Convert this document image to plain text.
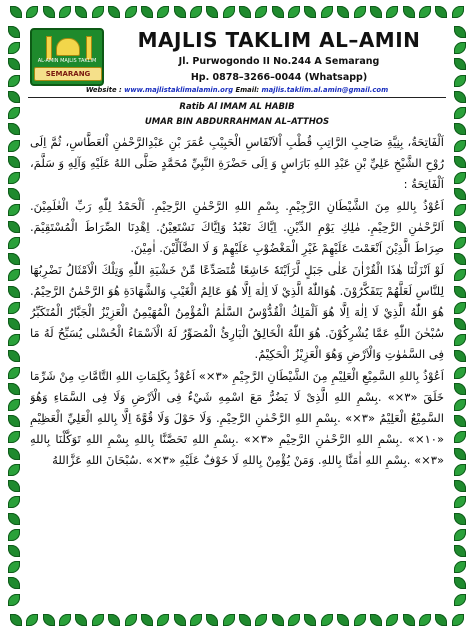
AL-AMIN MAJLIS TAKLIM
SEMARANG
MAJLIS TAKLIM AL–AMIN
Jl. Purwogondo II No.244 A Semarang
Hp. 0878–3266–0044 (Whatsapp)
Website : www.majlistaklimalamin.org Email: majlis.taklim.al.amin@gmail.com
Ratib Al IMAM AL HABIB
UMAR BIN ABDURRAHMAN AL–ATTHOS

اَلْفَاتِحَةُ، بِنِيَّةِ صَاحِبِ الرَّاتِبِ قُطْبِ اْلاَنْفَاسِ الْحَبِيْبِ عُمَرَ بْنِ عَبْدِالرَّحْمٰنِ اْلعَطَّاسِ، ثُمَّ اِلَى رُوْحِ الشَّيْخِ عَلِيِّ بْنِ عَبْدِ اللهِ بَارَاسٍ وَ اِلَى حَضْرَةِ النَّبِيِّ مُحَمَّدٍ صَلَّى اللهُ عَلَيْهِ وَآلِهِ وَ سَلَّمَ، اَلْفَاتِحَةُ :

اَعُوْذُ بِاللهِ مِنَ الشَّيْطَانِ الرَّجِيْمِ. بِسْمِ اللهِ الرَّحْمٰنِ الرَّحِيْمِ. اَلْحَمْدُ لِلّٰهِ رَبِّ الْعٰلَمِيْنَ. اَلرَّحْمٰنِ الرَّحِيْمِ. مٰلِكِ يَوْمِ الدِّيْنِ. اِيَّاكَ نَعْبُدُ وَاِيَّاكَ نَسْتَعِيْنُ. اِهْدِنَا الصِّرَاطَ الْمُسْتَقِيْمَ. صِرَاطَ الَّذِيْنَ اَنْعَمْتَ عَلَيْهِمْ غَيْرِ الْمَغْضُوْبِ عَلَيْهِمْ وَ لَا الضَّآلِّيْنَ. اٰمِيْنَ.

لَوْ اَنْزَلْنَا هٰذَا الْقُرْاٰنَ عَلٰى جَبَلٍ لَّرَاَيْتَهٗ خَاشِعًا مُّتَصَدِّعًا مِّنْ خَشْيَةِ اللّٰهِ وَتِلْكَ الْاَمْثَالُ نَضْرِبُهَا لِلنَّاسِ لَعَلَّهُمْ يَتَفَكَّرُوْنَ. هُوَاللّٰهُ الَّذِيْ لَا اِلٰهَ اِلَّا هُوَ عَالِمُ الْغَيْبِ وَالشَّهَادَةِ هُوَ الرَّحْمٰنُ الرَّحِيْمُ. هُوَ اللّٰهُ الَّذِيْ لَا اِلٰهَ اِلَّا هُوَ اَلْمَلِكُ الْقُدُّوْسُ السَّلٰمُ الْمُؤْمِنُ الْمُهَيْمِنُ الْعَزِيْزُ الْجَبَّارُ الْمُتَكَبِّرُ سُبْحٰنَ اللّٰهِ عَمَّا يُشْرِكُوْنَ. هُوَ اللّٰهُ الْخَالِقُ الْبَارِئُ الْمُصَوِّرُ لَهُ الْاَسْمَاءُ الْحُسْنٰى يُسَبِّحُ لَهُ مَا فِى السَّمٰوٰتِ وَالْاَرْضِ وَهُوَ الْعَزِيْزُ الْحَكِيْمُ.

اَعُوْذُ بِاللهِ السَّمِيْعِ الْعَلِيْمِ مِنَ الشَّيْطَانِ الرَّجِيْمِ «٣×» اَعُوْذُ بِكَلِمَاتِ اللهِ التَّامَّاتِ مِنْ شَرِّمَا خَلَقَ «٣×» .بِسْمِ اللهِ الَّذِىْ لَا يَضُرُّ مَعَ اسْمِهِ شَيْءٌ فِى الْاَرْضِ وَلَا فِى السَّمَاءِ وَهُوَ السَّمِيْعُ الْعَلِيْمُ «٣×» .بِسْمِ اللهِ الرَّحْمٰنِ الرَّحِيْمِ. وَلَا حَوْلَ وَلَا قُوَّةَ اِلَّا بِاللهِ الْعَلِيِّ الْعَظِيْمِ «١٠×» .بِسْمِ اللهِ الرَّحْمٰنِ الرَّحِيْمِ «٣×» .بِسْمِ اللهِ تَحَصَّنَّا بِاللهِ بِسْمِ اللهِ تَوَكَّلْنَا بِاللهِ «٣×» .بِسْمِ اللهِ اٰمَنَّا بِاللهِ. وَمَنْ يُؤْمِنْ بِاللهِ لَا خَوْفٌ عَلَيْهِ «٣×» .سُبْحَانَ اللهِ عَزَّاللهُ
